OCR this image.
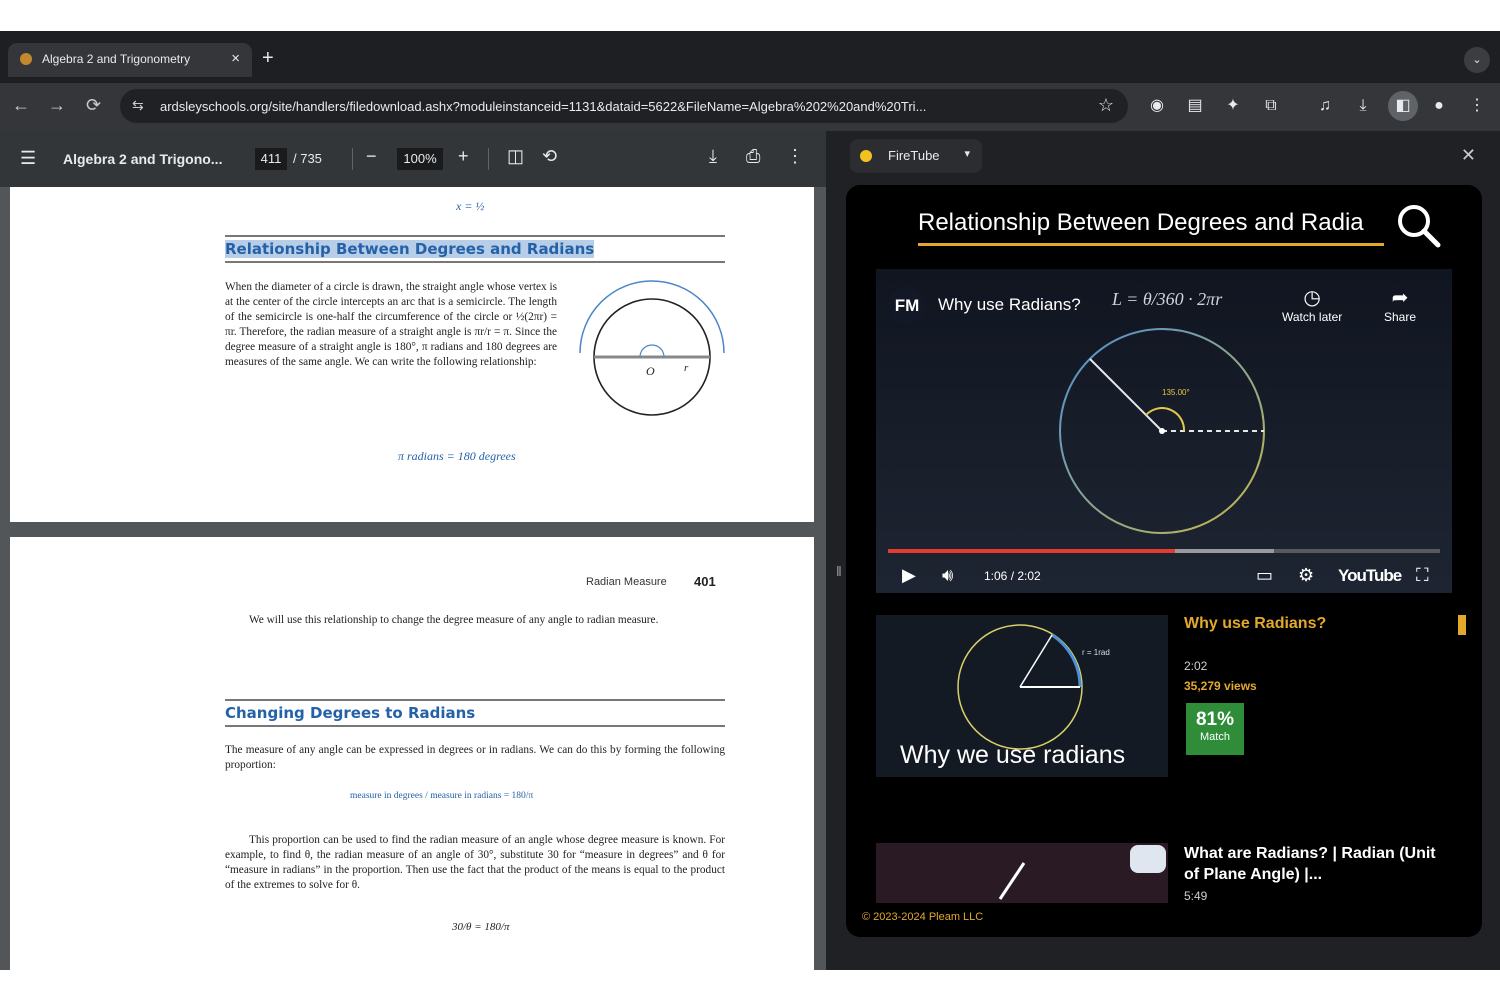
Algebra 2 and Trigonometry	× +	⌄
← → ⟳ ⇆ ardsleyschools.org/site/handlers/filedownload.ashx?moduleinstanceid=1131&dataid=5622&FileName=Algebra%202%20and%20Tri...	☆ ◉ ▤ ✦	⧉	♫	⤓	◧	●	⋮
☰ Algebra 2 and Trigono...	411 / 735 −	100%	+ ◫ ⟲	⤓ ⎙ ⋮
x = ½
Relationship Between Degrees and Radians
When the diameter of a circle is drawn, the straight angle whose vertex is at the center of the circle intercepts an arc that is a semicircle. The length of the semicircle is one-half the circumference of the circle or ½(2πr) = πr. Therefore, the radian measure of a straight angle is πr/r = π. Since the degree measure of a straight angle is 180°, π radians and 180 degrees are measures of the same angle. We can write the following relationship:
π radians = 180 degrees
O	r
Radian Measure 401
We will use this relationship to change the degree measure of any angle to radian measure.
Changing Degrees to Radians
The measure of any angle can be expressed in degrees or in radians. We can do this by forming the following proportion:
measure in degrees / measure in radians = 180/π
This proportion can be used to find the radian measure of an angle whose degree measure is known. For example, to find θ, the radian measure of an angle of 30°, substitute 30 for “measure in degrees” and θ for “measure in radians” in the proportion. Then use the fact that the product of the means is equal to the product of the extremes to solve for θ.
30/θ = 180/π
‖
FireTube ▾	✕
Relationship Between Degrees and Radia
FM	Why use Radians? L = θ/360 · 2πr	◷
Watch later
➦
Share
135.00°
▶ 🔊︎	1:06 / 2:02	▭ ⚙ YouTube ⛶
r = 1rad
Why we use radians
Why use Radians?
2:02
35,279 views
81%
Match
What are Radians? | Radian (Unit of Plane Angle) |...
5:49
© 2023-2024 Pleam LLC
